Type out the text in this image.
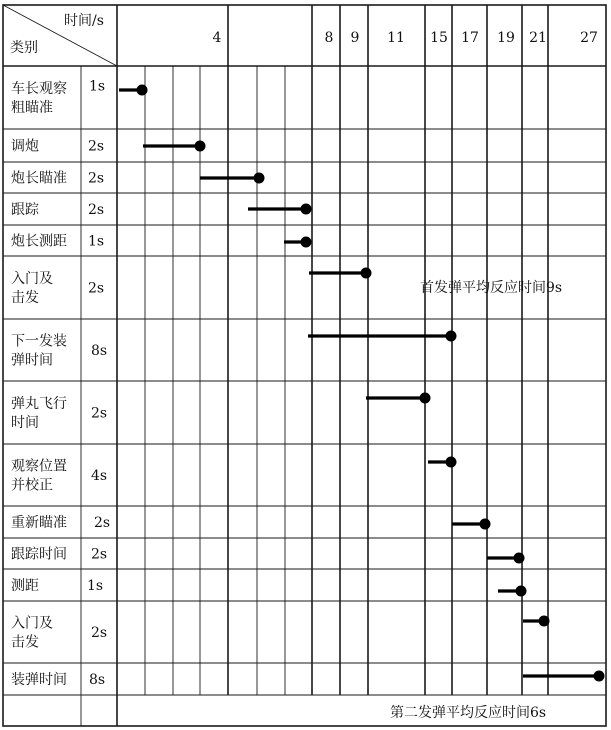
时间/s
类别
4	8 9 11 15 17 19 21 27
车长观察粗瞄准
调炮
炮长瞄准
跟踪
炮长测距
入门及击发
下一发装弹时间
弹丸飞行时间
观察位置并校正
重新瞄准
跟踪时间
测距
入门及击发
装弹时间
1s
2s
2s
2s
1s
2s
8s
2s
4s
2s
2s
1s
2s
8s
首发弹平均反应时间9s
第二发弹平均反应时间6s
